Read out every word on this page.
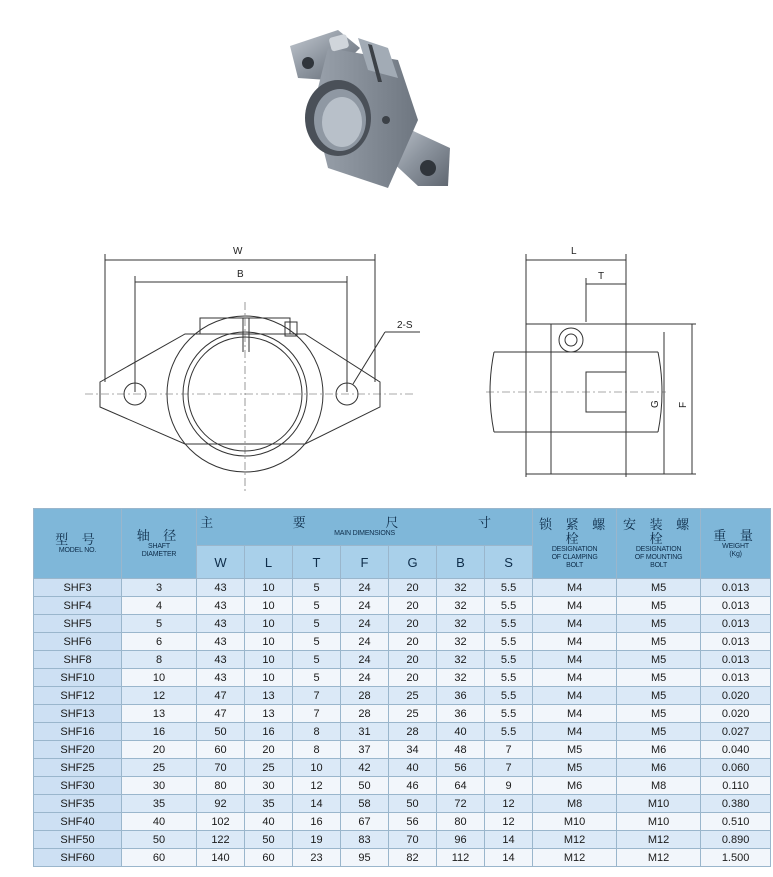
W
B
2-S
L
T
G F
型 号
MODEL NO.	轴 径
SHAFT
DIAMETER	主 要 尺 寸
MAIN DIMENSIONS							锁 紧 螺 栓
DESIGNATION
OF CLAMPING
BOLT	安 装 螺 栓
DESIGNATION
OF MOUNTING
BOLT	重 量
WEIGHT
(Kg)

		W	L	T	F	G	B	S			
SHF3	3	43	10	5	24	20	32	5.5	M4	M5	0.013
SHF4	4	43	10	5	24	20	32	5.5	M4	M5	0.013
SHF5	5	43	10	5	24	20	32	5.5	M4	M5	0.013
SHF6	6	43	10	5	24	20	32	5.5	M4	M5	0.013
SHF8	8	43	10	5	24	20	32	5.5	M4	M5	0.013
SHF10	10	43	10	5	24	20	32	5.5	M4	M5	0.013
SHF12	12	47	13	7	28	25	36	5.5	M4	M5	0.020
SHF13	13	47	13	7	28	25	36	5.5	M4	M5	0.020
SHF16	16	50	16	8	31	28	40	5.5	M4	M5	0.027
SHF20	20	60	20	8	37	34	48	7	M5	M6	0.040
SHF25	25	70	25	10	42	40	56	7	M5	M6	0.060
SHF30	30	80	30	12	50	46	64	9	M6	M8	0.110
SHF35	35	92	35	14	58	50	72	12	M8	M10	0.380
SHF40	40	102	40	16	67	56	80	12	M10	M10	0.510
SHF50	50	122	50	19	83	70	96	14	M12	M12	0.890
SHF60	60	140	60	23	95	82	112	14	M12	M12	1.500
